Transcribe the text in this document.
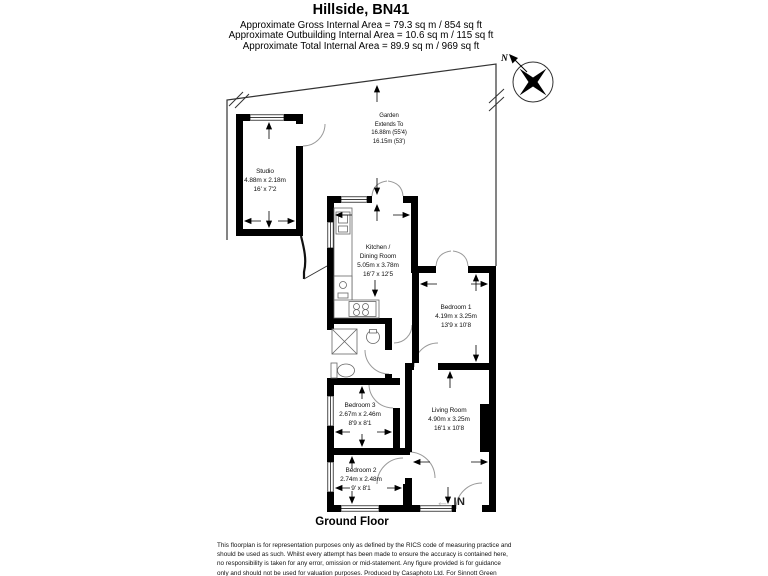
Hillside, BN41
Approximate Gross Internal Area = 79.3 sq m / 854 sq ft
Approximate Outbuilding Internal Area = 10.6 sq m / 115 sq ft
Approximate Total Internal Area = 89.9 sq m / 969 sq ft
N
Garden
Extends To
16.88m (55'4)
16.15m (53')
Studio
4.88m x 2.18m
16' x 7'2
Kitchen /
Dining Room
5.05m x 3.78m
16'7 x 12'5
Bedroom 1
4.19m x 3.25m
13'9 x 10'8
Bedroom 3
2.67m x 2.46m
8'9 x 8'1
Living Room
4.90m x 3.25m
16'1 x 10'8
Bedroom 2
2.74m x 2.48m
9' x 8'1
← IN
Ground Floor
This floorplan is for representation purposes only as defined by the RICS code of measuring practice and
should be used as such. Whilst every attempt has been made to ensure the accuracy is contained here,
no responsibility is taken for any error, omission or mid-statement. Any figure provided is for guidance
only and should not be used for valuation purposes. Produced by Casaphoto Ltd. For Sinnott Green
